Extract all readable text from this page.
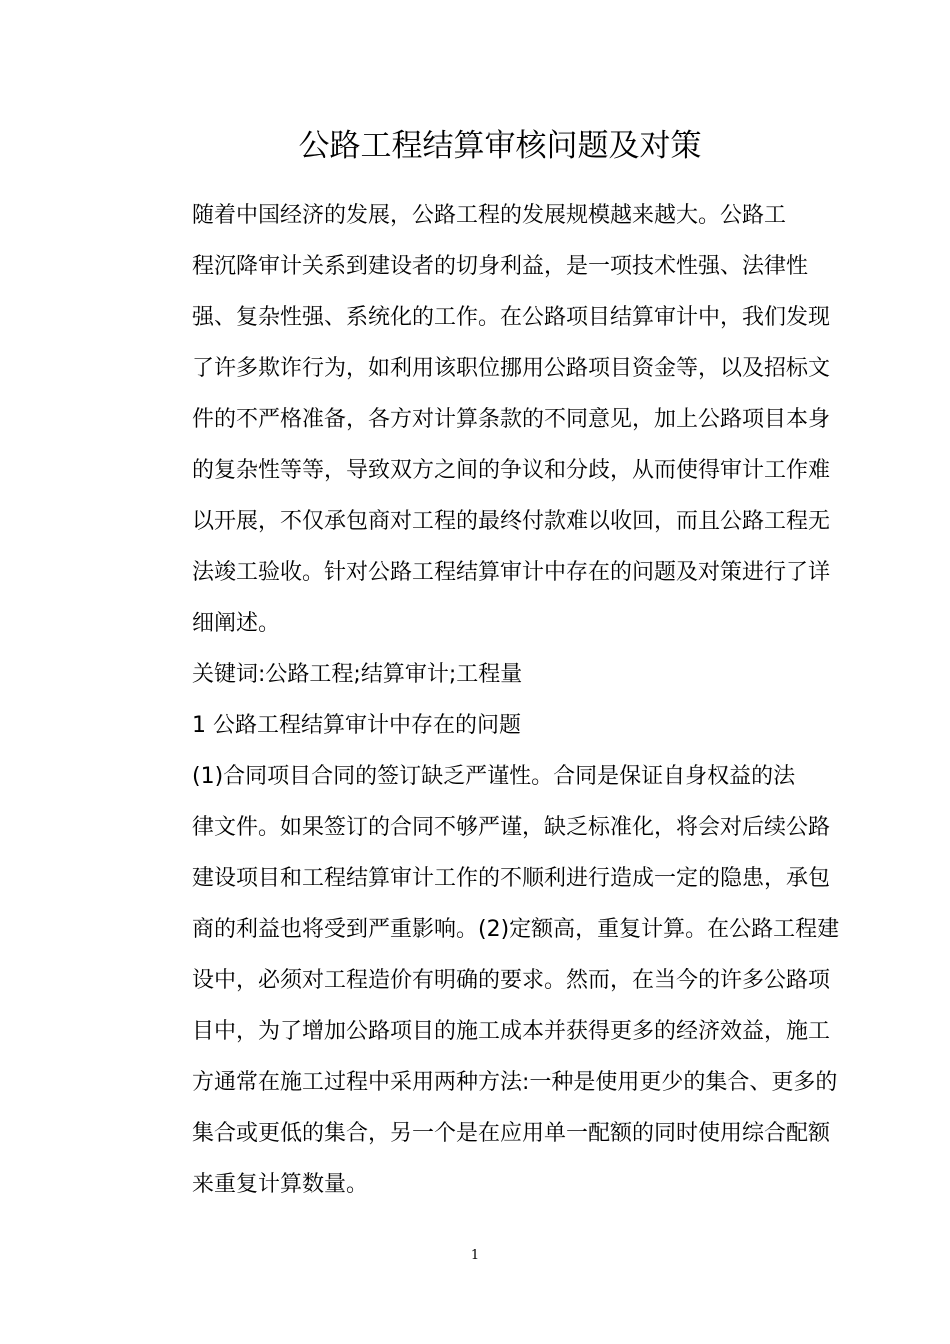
公路工程结算审核问题及对策
随着中国经济的发展，公路工程的发展规模越来越大。公路工
程沉降审计关系到建设者的切身利益，是一项技术性强、法律性
强、复杂性强、系统化的工作。在公路项目结算审计中，我们发现
了许多欺诈行为，如利用该职位挪用公路项目资金等，以及招标文
件的不严格准备，各方对计算条款的不同意见，加上公路项目本身
的复杂性等等，导致双方之间的争议和分歧，从而使得审计工作难
以开展，不仅承包商对工程的最终付款难以收回，而且公路工程无
法竣工验收。针对公路工程结算审计中存在的问题及对策进行了详
细阐述。
关键词:公路工程;结算审计;工程量
1 公路工程结算审计中存在的问题
(1)合同项目合同的签订缺乏严谨性。合同是保证自身权益的法
律文件。如果签订的合同不够严谨，缺乏标准化，将会对后续公路
建设项目和工程结算审计工作的不顺利进行造成一定的隐患，承包
商的利益也将受到严重影响。(2)定额高，重复计算。在公路工程建
设中，必须对工程造价有明确的要求。然而，在当今的许多公路项
目中，为了增加公路项目的施工成本并获得更多的经济效益，施工
方通常在施工过程中采用两种方法:一种是使用更少的集合、更多的
集合或更低的集合，另一个是在应用单一配额的同时使用综合配额
来重复计算数量。
1
